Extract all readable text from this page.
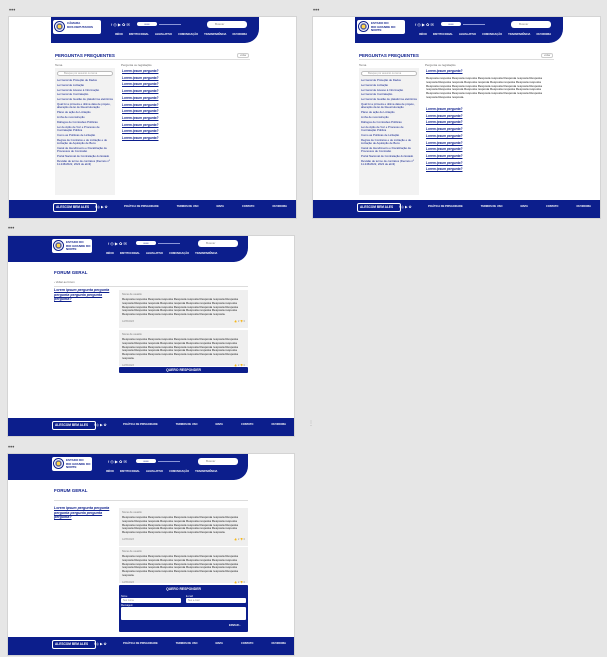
•••	•••
•••
•••
⋮
CÂMARA
DOS DEPUTADOS	f ◎ ▶ ✿ ✉	•••••	Buscar
INÍCIO INSTITUCIONAL LEGISLATIVO COMUNICAÇÃO TRANSPARÊNCIA OUVIDORIA
PERGUNTAS FREQUENTES	voltar
Tema	Pergunta ou legislação
Busque por assunto ou tema
Lei Geral de Proteção de Dados
Lei Geral de Licitação
Lei Geral de Acesso à Informação
Lei Geral de Contratação
Lei Geral de Gestão de plataforma eletrônica
Qual foi a primeira e última data de projeto, alteração da lei de Reestruturação
Plano de ação de Licitação
Linha de reconstrução
Diálogos de Comissões Públicas
Lei de Ação de Voz e Processo de Contratação Pública
Como as Políticas de Licitação
Regras de Contratos e de Licitação e de Licitação de Aquisição de Bens
Canal de Atendimento e Fiscalização de Processos de Comissão
Portal Nacional de Contratação do Estado
Revisão de termo de contratos (Decreto nº 11.246/2022, 2022 de abril)
Lorem ipsum pergunta?
Lorem ipsum pergunta?
Lorem ipsum pergunta?
Lorem ipsum pergunta?
Lorem ipsum pergunta?
Lorem ipsum pergunta?
Lorem ipsum pergunta?
Lorem ipsum pergunta?
Lorem ipsum pergunta?
Lorem ipsum pergunta?
Lorem ipsum pergunta?
ALESCOM BEM ALES	f ◎ ▶ ✿	POLÍTICA DE PRIVACIDADE	TERMOS DE USO	MAPA	CONTATO	OUVIDORIA
ESTADO DO
RIO GRANDE DO NORTE
f ◎ ▶ ✿ ✉	•••••	Buscar
INÍCIO INSTITUCIONAL LEGISLATIVO COMUNICAÇÃO TRANSPARÊNCIA OUVIDORIA
PERGUNTAS FREQUENTES	voltar
Tema	Pergunta ou legislação
Busque por assunto ou tema
Lei Geral de Proteção de Dados
Lei Geral de Licitação
Lei Geral de Acesso à Informação
Lei Geral de Contratação
Lei Geral de Gestão de plataforma eletrônica
Qual foi a primeira e última data de projeto, alteração da lei de Reestruturação
Plano de ação de Licitação
Linha de reconstrução
Diálogos de Comissões Públicas
Lei de Ação de Voz e Processo de Contratação Pública
Como as Políticas de Licitação
Regras de Contratos e de Licitação e de Licitação de Aquisição de Bens
Canal de Atendimento e Fiscalização de Processos de Comissão
Portal Nacional de Contratação do Estado
Revisão de termo de contratos (Decreto nº 11.246/2022, 2022 de abril)
Lorem ipsum pergunta?
Resposta resposta Resposta resposta Resposta resposta Resposta resposta Resposta resposta Resposta resposta Resposta resposta Resposta resposta Resposta resposta Resposta resposta Resposta resposta Resposta resposta Resposta resposta Resposta resposta Resposta resposta Resposta resposta Resposta resposta Resposta resposta Resposta resposta Resposta resposta Resposta resposta Resposta resposta Resposta resposta Resposta resposta.
Lorem ipsum pergunta?
Lorem ipsum pergunta?
Lorem ipsum pergunta?
Lorem ipsum pergunta?
Lorem ipsum pergunta?
Lorem ipsum pergunta?
Lorem ipsum pergunta?
Lorem ipsum pergunta?
Lorem ipsum pergunta?
Lorem ipsum pergunta?
ALESCOM BEM ALES	f ◎ ▶ ✿	POLÍTICA DE PRIVACIDADE	TERMOS DE USO	MAPA	CONTATO	OUVIDORIA
ESTADO DO
RIO GRANDE DO NORTE
f ◎ ▶ ✿ ✉	•••••	Buscar
INÍCIO INSTITUCIONAL LEGISLATIVO COMUNICAÇÃO TRANSPARÊNCIA
FORUM GERAL
‹ Voltar ao fórum
Lorem ipsum pergunta pergunta pergunta pergunta pergunta pergunta?
Nome de usuário
Resposta resposta Resposta resposta Resposta resposta Resposta resposta Resposta resposta Resposta resposta Resposta resposta Resposta resposta Resposta resposta Resposta resposta Resposta resposta Resposta resposta Resposta resposta Resposta resposta Resposta resposta Resposta resposta Resposta resposta Resposta resposta Resposta resposta Resposta resposta Resposta resposta Resposta resposta.
12/05/2023	👍 2 👎 0
Nome de usuário
Resposta resposta Resposta resposta Resposta resposta Resposta resposta Resposta resposta Resposta resposta Resposta resposta Resposta resposta Resposta resposta Resposta resposta Resposta resposta Resposta resposta Resposta resposta Resposta resposta Resposta resposta Resposta resposta Resposta resposta Resposta resposta Resposta resposta Resposta resposta Resposta resposta Resposta resposta Resposta resposta.
12/05/2023	👍 2 👎 0
QUERO RESPONDER
ALESCOM BEM ALES	f ◎ ▶ ✿	POLÍTICA DE PRIVACIDADE	TERMOS DE USO	MAPA	CONTATO	OUVIDORIA
ESTADO DO
RIO GRANDE DO NORTE
f ◎ ▶ ✿ ✉	•••••	Buscar
INÍCIO INSTITUCIONAL LEGISLATIVO COMUNICAÇÃO TRANSPARÊNCIA
FORUM GERAL
Lorem ipsum pergunta pergunta pergunta pergunta pergunta pergunta?
Nome de usuário
Resposta resposta Resposta resposta Resposta resposta Resposta resposta Resposta resposta Resposta resposta Resposta resposta Resposta resposta Resposta resposta Resposta resposta Resposta resposta Resposta resposta Resposta resposta Resposta resposta Resposta resposta Resposta resposta Resposta resposta Resposta resposta Resposta resposta Resposta resposta Resposta resposta Resposta resposta.
12/05/2023	👍 2 👎 0
Nome de usuário
Resposta resposta Resposta resposta Resposta resposta Resposta resposta Resposta resposta Resposta resposta Resposta resposta Resposta resposta Resposta resposta Resposta resposta Resposta resposta Resposta resposta Resposta resposta Resposta resposta Resposta resposta Resposta resposta Resposta resposta Resposta resposta Resposta resposta Resposta resposta Resposta resposta Resposta resposta Resposta resposta.
12/05/2023	👍 2 👎 0
QUERO RESPONDER
Nome
Seu nome
E-mail
Seu e-mail
Mensagem
ENVIAR ›
ALESCOM BEM ALES	f ◎ ▶ ✿	POLÍTICA DE PRIVACIDADE	TERMOS DE USO	MAPA	CONTATO	OUVIDORIA
